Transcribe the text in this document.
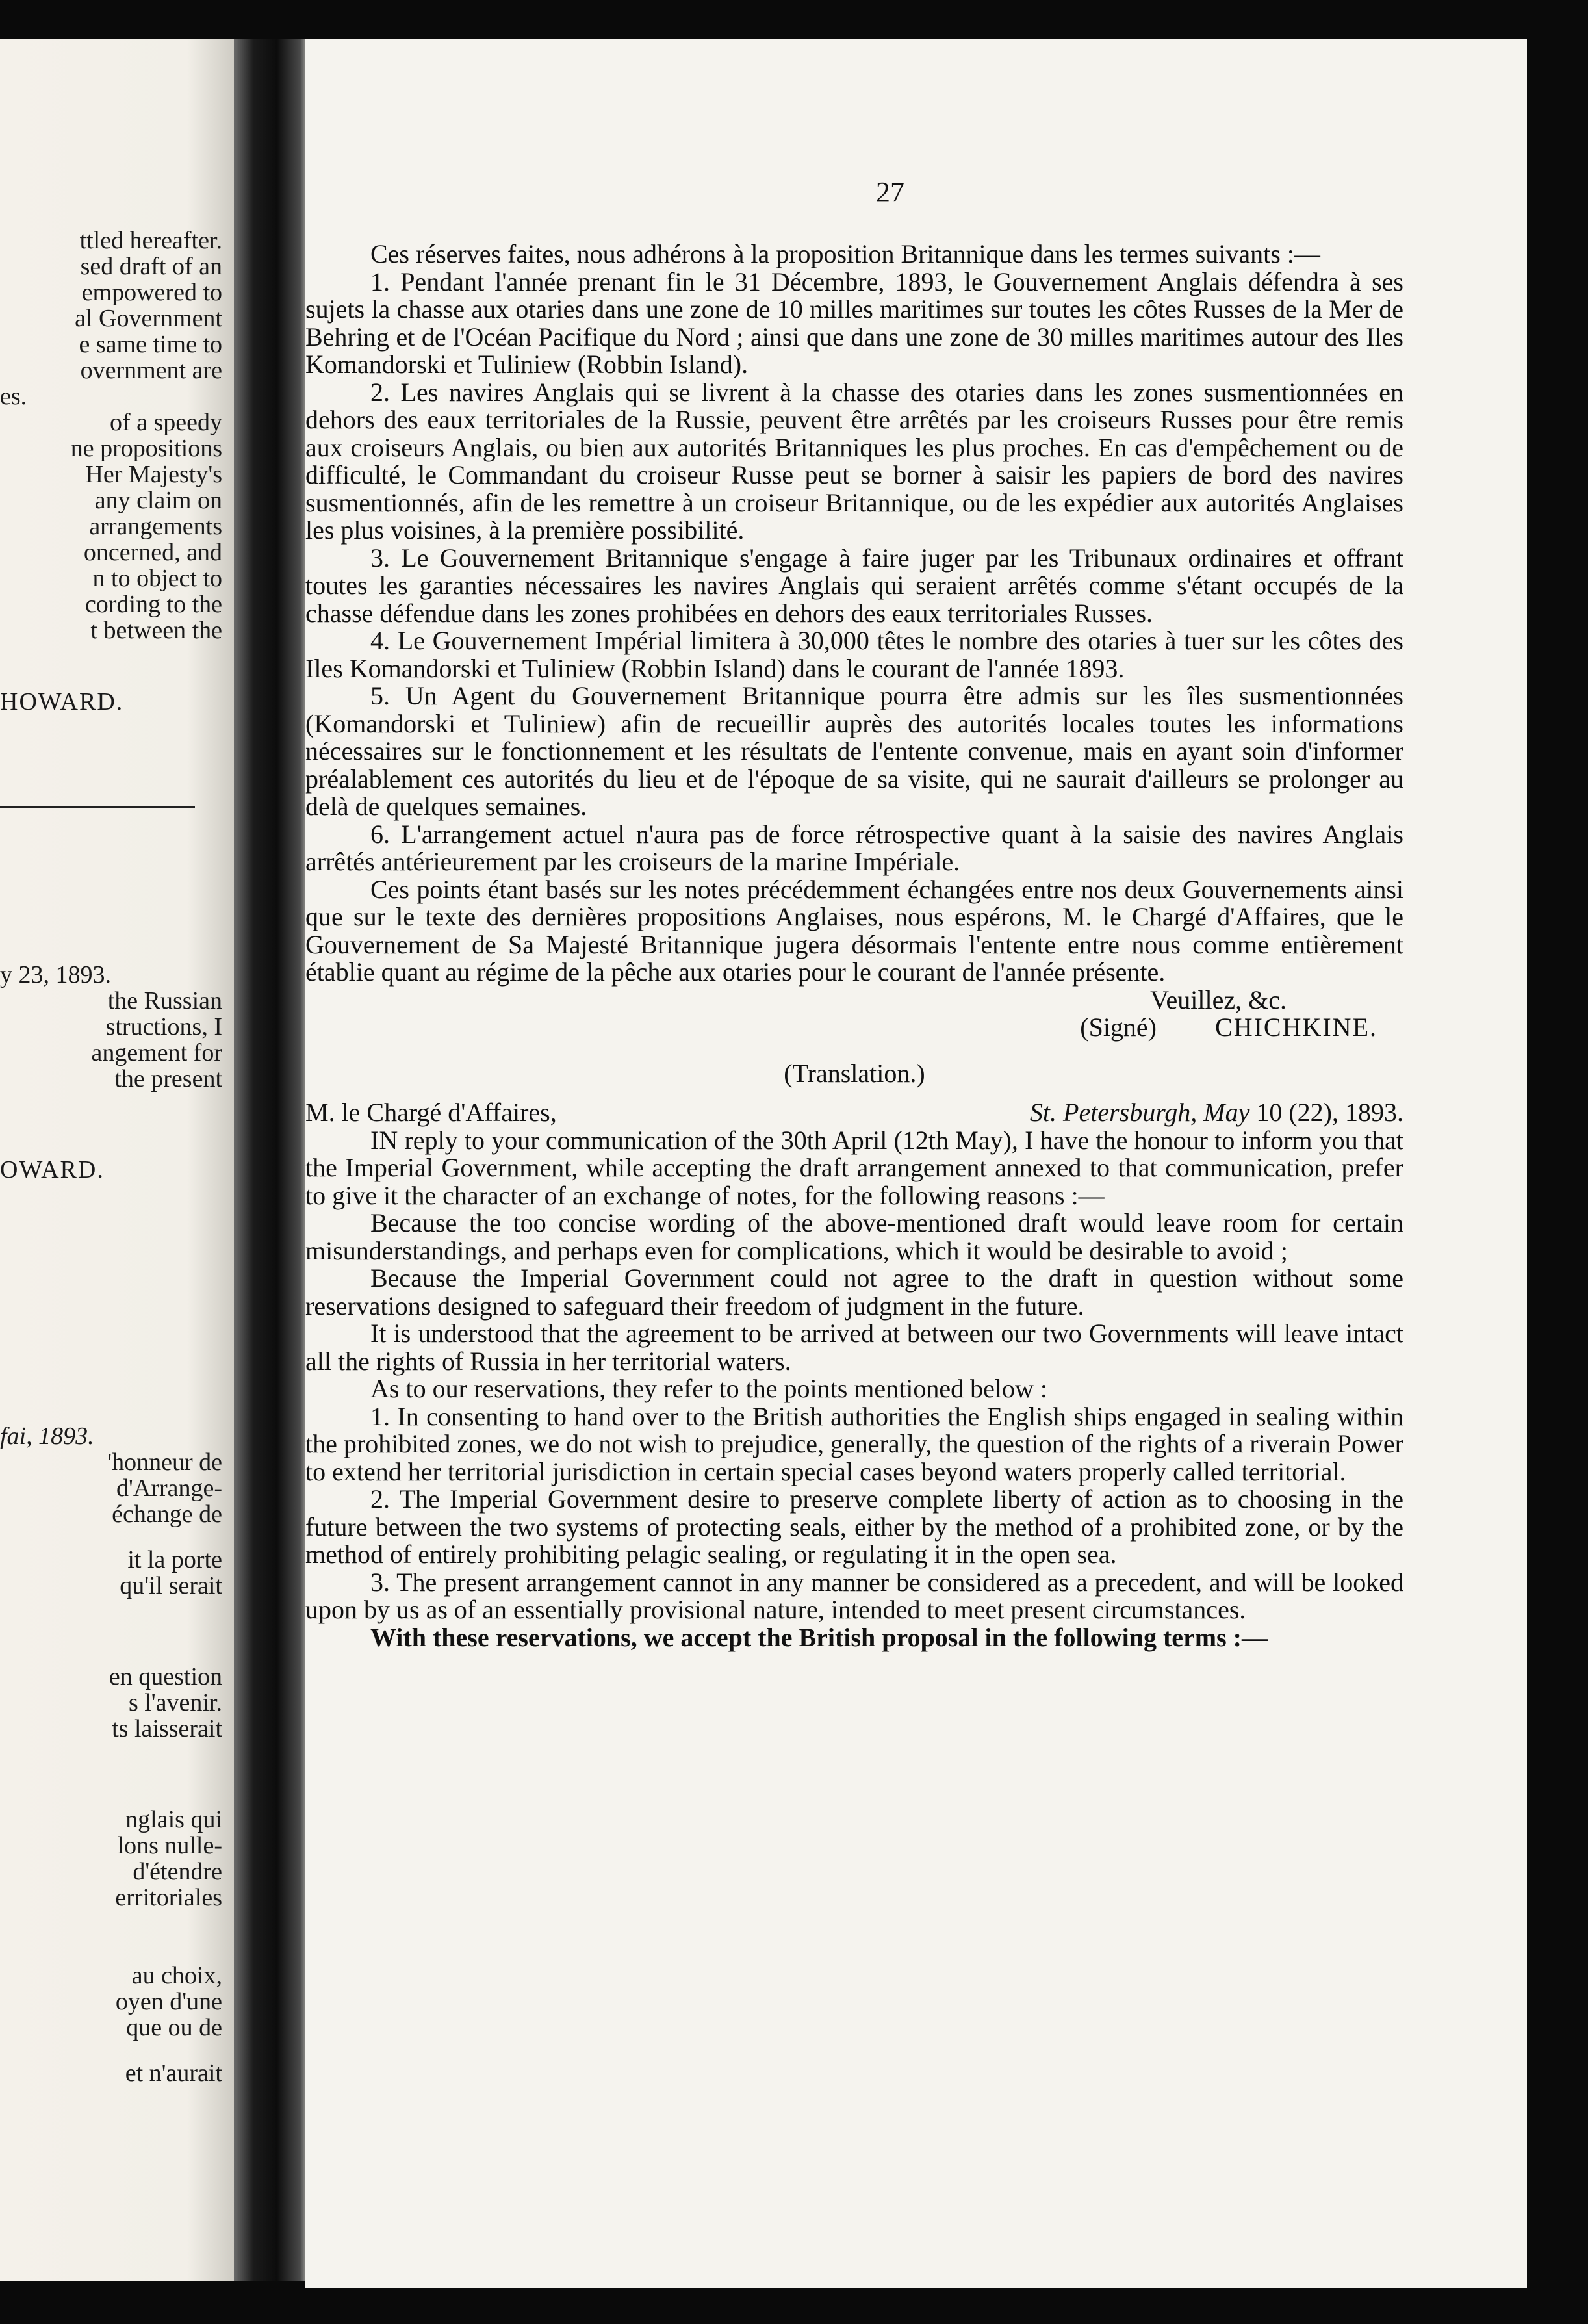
ttled hereafter.
sed draft of an
empowered to
al Government
e same time to
overnment are
es.
of a speedy
ne propositions
Her Majesty's
any claim on
arrangements
oncerned, and
n to object to
cording to the
t between the
HOWARD.
y 23, 1893.
the Russian
structions, I
angement for
the present
OWARD.
fai, 1893.
'honneur de
d'Arrange-
échange de
it la porte
qu'il serait
en question
s l'avenir.
ts laisserait
nglais qui
lons nulle-
d'étendre
erritoriales
au choix,
oyen d'une
que ou de
et n'aurait
27

Ces réserves faites, nous adhérons à la proposition Britannique dans les termes suivants :—

1. Pendant l'année prenant fin le 31 Décembre, 1893, le Gouvernement Anglais défendra à ses sujets la chasse aux otaries dans une zone de 10 milles maritimes sur toutes les côtes Russes de la Mer de Behring et de l'Océan Pacifique du Nord ; ainsi que dans une zone de 30 milles maritimes autour des Iles Komandorski et Tuliniew (Robbin Island).

2. Les navires Anglais qui se livrent à la chasse des otaries dans les zones susmentionnées en dehors des eaux territoriales de la Russie, peuvent être arrêtés par les croiseurs Russes pour être remis aux croiseurs Anglais, ou bien aux autorités Britanniques les plus proches. En cas d'empêchement ou de difficulté, le Commandant du croiseur Russe peut se borner à saisir les papiers de bord des navires susmentionnés, afin de les remettre à un croiseur Britannique, ou de les expédier aux autorités Anglaises les plus voisines, à la première possibilité.

3. Le Gouvernement Britannique s'engage à faire juger par les Tribunaux ordinaires et offrant toutes les garanties nécessaires les navires Anglais qui seraient arrêtés comme s'étant occupés de la chasse défendue dans les zones prohibées en dehors des eaux territoriales Russes.

4. Le Gouvernement Impérial limitera à 30,000 têtes le nombre des otaries à tuer sur les côtes des Iles Komandorski et Tuliniew (Robbin Island) dans le courant de l'année 1893.

5. Un Agent du Gouvernement Britannique pourra être admis sur les îles susmentionnées (Komandorski et Tuliniew) afin de recueillir auprès des autorités locales toutes les informations nécessaires sur le fonctionnement et les résultats de l'entente convenue, mais en ayant soin d'informer préalablement ces autorités du lieu et de l'époque de sa visite, qui ne saurait d'ailleurs se prolonger au delà de quelques semaines.

6. L'arrangement actuel n'aura pas de force rétrospective quant à la saisie des navires Anglais arrêtés antérieurement par les croiseurs de la marine Impériale.

Ces points étant basés sur les notes précédemment échangées entre nos deux Gouvernements ainsi que sur le texte des dernières propositions Anglaises, nous espérons, M. le Chargé d'Affaires, que le Gouvernement de Sa Majesté Britannique jugera désormais l'entente entre nous comme entièrement établie quant au régime de la pêche aux otaries pour le courant de l'année présente.

Veuillez, &c.

(Signé) CHICHKINE.

(Translation.)

M. le Chargé d'Affaires,	St. Petersburgh, May 10 (22), 1893.

IN reply to your communication of the 30th April (12th May), I have the honour to inform you that the Imperial Government, while accepting the draft arrangement annexed to that communication, prefer to give it the character of an exchange of notes, for the following reasons :—

Because the too concise wording of the above-mentioned draft would leave room for certain misunderstandings, and perhaps even for complications, which it would be desirable to avoid ;

Because the Imperial Government could not agree to the draft in question without some reservations designed to safeguard their freedom of judgment in the future.

It is understood that the agreement to be arrived at between our two Governments will leave intact all the rights of Russia in her territorial waters.

As to our reservations, they refer to the points mentioned below :

1. In consenting to hand over to the British authorities the English ships engaged in sealing within the prohibited zones, we do not wish to prejudice, generally, the question of the rights of a riverain Power to extend her territorial jurisdiction in certain special cases beyond waters properly called territorial.

2. The Imperial Government desire to preserve complete liberty of action as to choosing in the future between the two systems of protecting seals, either by the method of a prohibited zone, or by the method of entirely prohibiting pelagic sealing, or regulating it in the open sea.

3. The present arrangement cannot in any manner be considered as a precedent, and will be looked upon by us as of an essentially provisional nature, intended to meet present circumstances.

With these reservations, we accept the British proposal in the following terms :—
